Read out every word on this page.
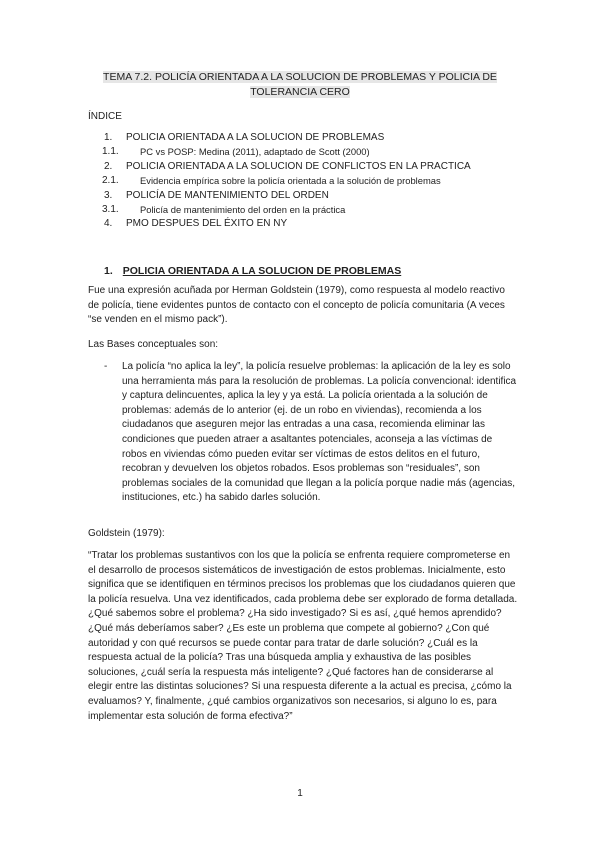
TEMA 7.2. POLICÍA ORIENTADA A LA SOLUCION DE PROBLEMAS Y POLICIA DE TOLERANCIA CERO
ÍNDICE
1. POLICIA ORIENTADA A LA SOLUCION DE PROBLEMAS
1.1. PC vs POSP: Medina (2011), adaptado de Scott (2000)
2. POLICIA ORIENTADA A LA SOLUCION DE CONFLICTOS EN LA PRACTICA
2.1. Evidencia empírica sobre la policía orientada a la solución de problemas
3. POLICÍA DE MANTENIMIENTO DEL ORDEN
3.1. Policía de mantenimiento del orden en la práctica
4. PMO DESPUES DEL ÉXITO EN NY
1. POLICIA ORIENTADA A LA SOLUCION DE PROBLEMAS
Fue una expresión acuñada por Herman Goldstein (1979), como respuesta al modelo reactivo de policía, tiene evidentes puntos de contacto con el concepto de policía comunitaria (A veces “se venden en el mismo pack”).
Las Bases conceptuales son:
-	La policía “no aplica la ley”, la policía resuelve problemas: la aplicación de la ley es solo una herramienta más para la resolución de problemas. La policía convencional: identifica y captura delincuentes, aplica la ley y ya está. La policía orientada a la solución de problemas: además de lo anterior (ej. de un robo en viviendas), recomienda a los ciudadanos que aseguren mejor las entradas a una casa, recomienda eliminar las condiciones que pueden atraer a asaltantes potenciales, aconseja a las víctimas de robos en viviendas cómo pueden evitar ser víctimas de estos delitos en el futuro, recobran y devuelven los objetos robados. Esos problemas son “residuales”, son problemas sociales de la comunidad que llegan a la policía porque nadie más (agencias, instituciones, etc.) ha sabido darles solución.
Goldstein (1979):
“Tratar los problemas sustantivos con los que la policía se enfrenta requiere comprometerse en el desarrollo de procesos sistemáticos de investigación de estos problemas. Inicialmente, esto significa que se identifiquen en términos precisos los problemas que los ciudadanos quieren que la policía resuelva. Una vez identificados, cada problema debe ser explorado de forma detallada. ¿Qué sabemos sobre el problema? ¿Ha sido investigado? Si es así, ¿qué hemos aprendido? ¿Qué más deberíamos saber? ¿Es este un problema que compete al gobierno? ¿Con qué autoridad y con qué recursos se puede contar para tratar de darle solución? ¿Cuál es la respuesta actual de la policía? Tras una búsqueda amplia y exhaustiva de las posibles soluciones, ¿cuál sería la respuesta más inteligente? ¿Qué factores han de considerarse al elegir entre las distintas soluciones? Si una respuesta diferente a la actual es precisa, ¿cómo la evaluamos? Y, finalmente, ¿qué cambios organizativos son necesarios, si alguno lo es, para implementar esta solución de forma efectiva?”
1
